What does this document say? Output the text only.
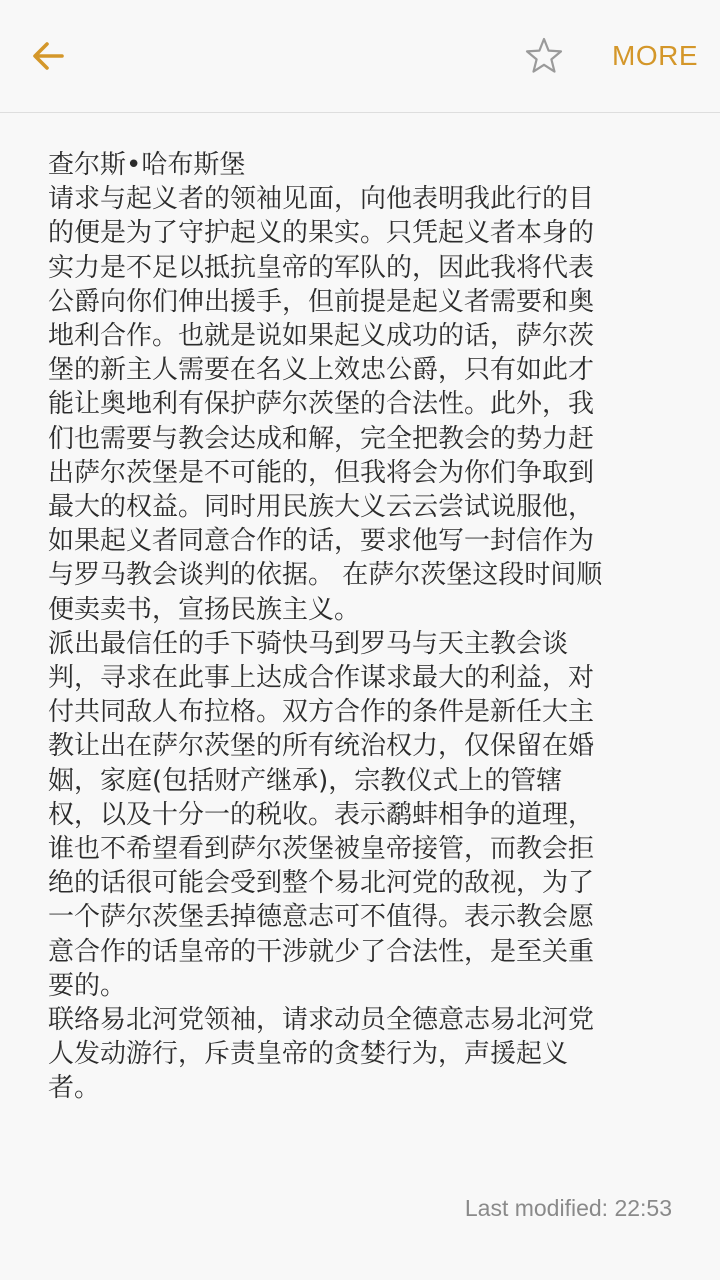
MORE

查尔斯•哈布斯堡

请求与起义者的领袖见面，向他表明我此行的目

的便是为了守护起义的果实。只凭起义者本身的

实力是不足以抵抗皇帝的军队的，因此我将代表

公爵向你们伸出援手，但前提是起义者需要和奥

地利合作。也就是说如果起义成功的话，萨尔茨

堡的新主人需要在名义上效忠公爵，只有如此才

能让奥地利有保护萨尔茨堡的合法性。此外，我

们也需要与教会达成和解，完全把教会的势力赶

出萨尔茨堡是不可能的，但我将会为你们争取到

最大的权益。同时用民族大义云云尝试说服他，

如果起义者同意合作的话，要求他写一封信作为

与罗马教会谈判的依据。 在萨尔茨堡这段时间顺

便卖卖书，宣扬民族主义。

派出最信任的手下骑快马到罗马与天主教会谈

判，寻求在此事上达成合作谋求最大的利益，对

付共同敌人布拉格。双方合作的条件是新任大主

教让出在萨尔茨堡的所有统治权力，仅保留在婚

姻，家庭(包括财产继承)，宗教仪式上的管辖

权，以及十分一的税收。表示鹬蚌相争的道理，

谁也不希望看到萨尔茨堡被皇帝接管，而教会拒

绝的话很可能会受到整个易北河党的敌视，为了

一个萨尔茨堡丢掉德意志可不值得。表示教会愿

意合作的话皇帝的干涉就少了合法性，是至关重

要的。

联络易北河党领袖，请求动员全德意志易北河党

人发动游行，斥责皇帝的贪婪行为，声援起义

者。

Last modified: 22:53
